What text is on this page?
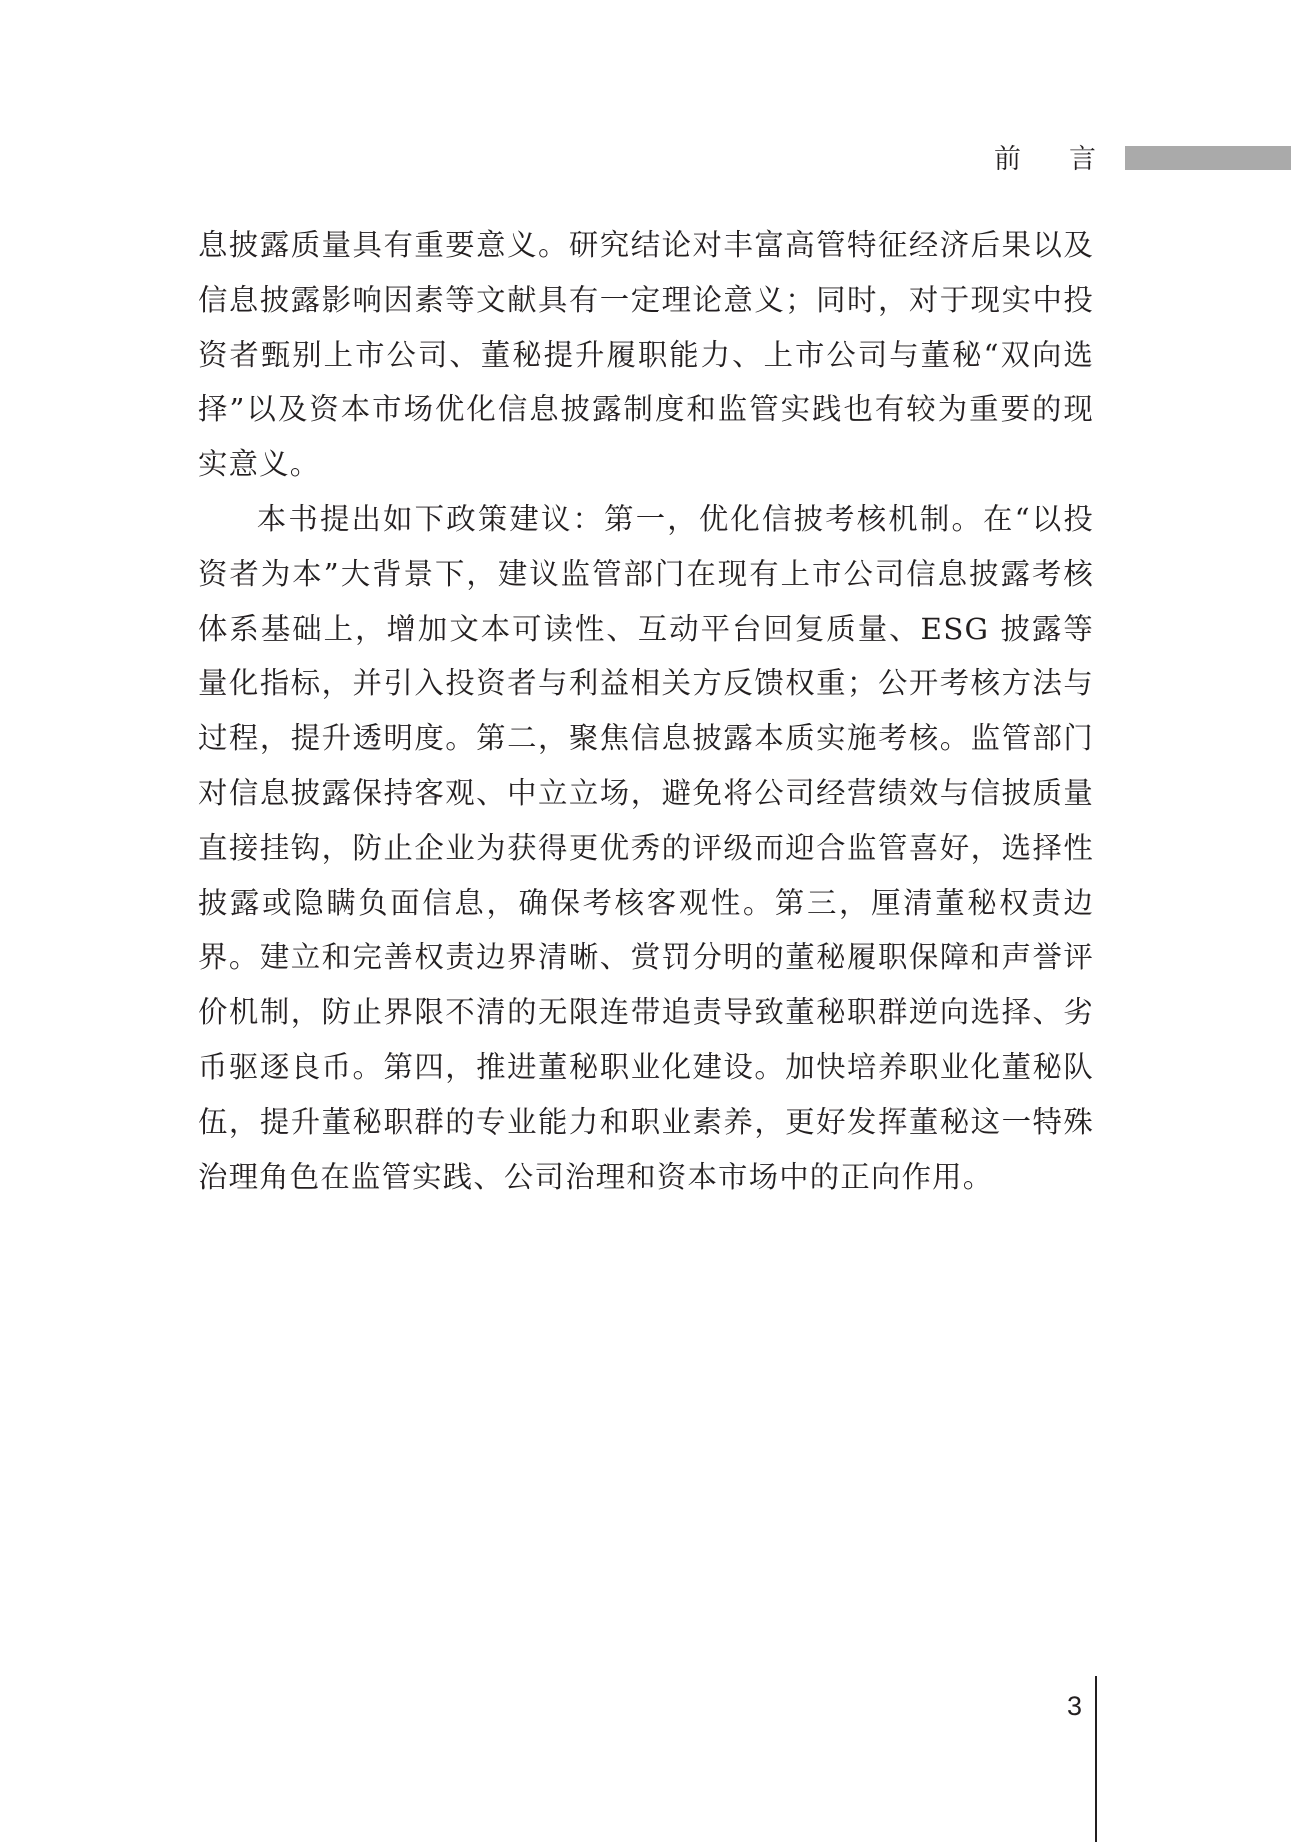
前 言

息披露质量具有重要意义。研究结论对丰富高管特征经济后果以及信息披露影响因素等文献具有一定理论意义；同时，对于现实中投资者甄别上市公司、董秘提升履职能力、上市公司与董秘“双向选择”以及资本市场优化信息披露制度和监管实践也有较为重要的现实意义。

本书提出如下政策建议：第一，优化信披考核机制。在“以投资者为本”大背景下，建议监管部门在现有上市公司信息披露考核体系基础上，增加文本可读性、互动平台回复质量、ESG 披露等量化指标，并引入投资者与利益相关方反馈权重；公开考核方法与过程，提升透明度。第二，聚焦信息披露本质实施考核。监管部门对信息披露保持客观、中立立场，避免将公司经营绩效与信披质量直接挂钩，防止企业为获得更优秀的评级而迎合监管喜好，选择性披露或隐瞒负面信息，确保考核客观性。第三，厘清董秘权责边界。建立和完善权责边界清晰、赏罚分明的董秘履职保障和声誉评价机制，防止界限不清的无限连带追责导致董秘职群逆向选择、劣币驱逐良币。第四，推进董秘职业化建设。加快培养职业化董秘队伍，提升董秘职群的专业能力和职业素养，更好发挥董秘这一特殊治理角色在监管实践、公司治理和资本市场中的正向作用。

3
